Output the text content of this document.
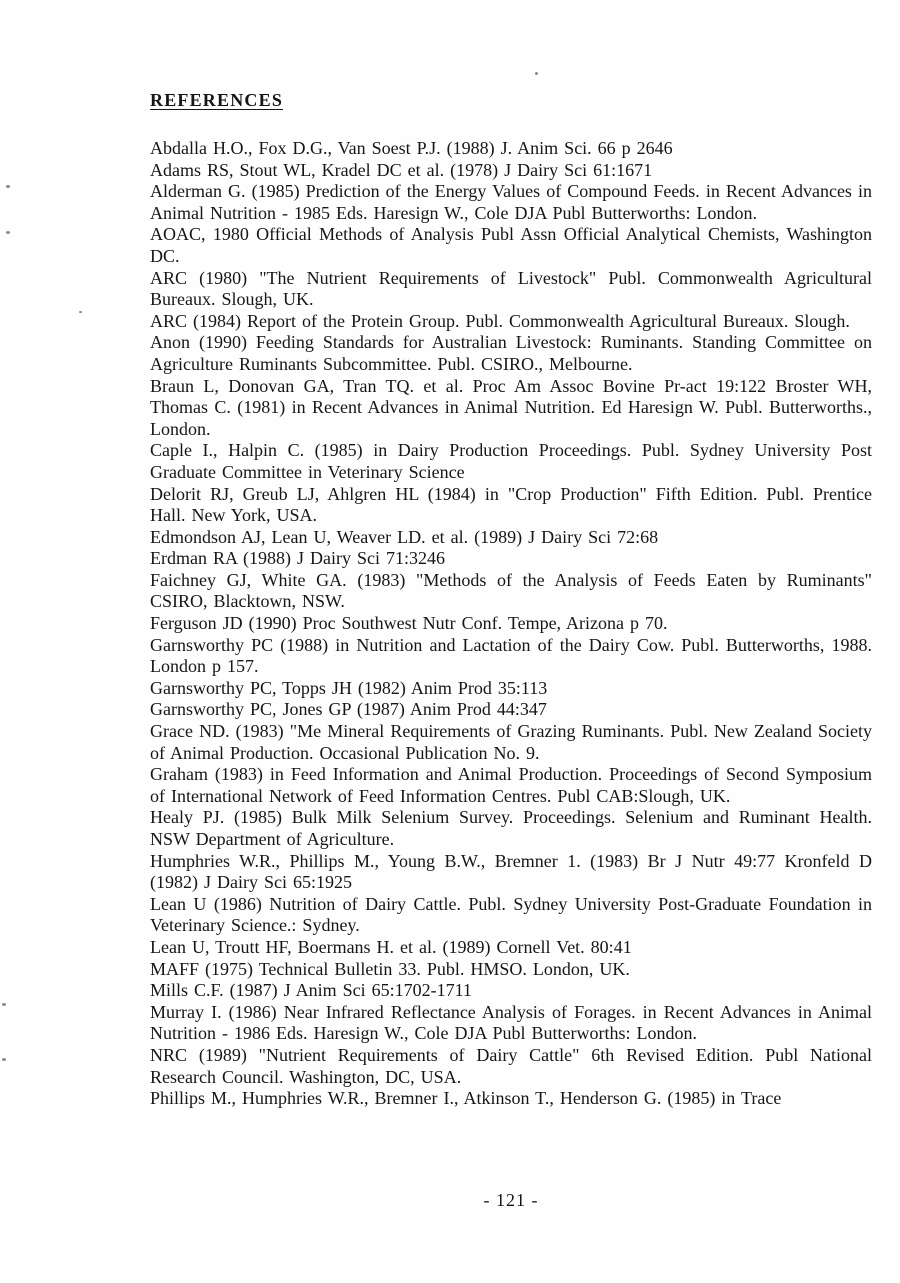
REFERENCES

Abdalla H.O., Fox D.G., Van Soest P.J. (1988) J. Anim Sci. 66 p 2646

Adams RS, Stout WL, Kradel DC et al. (1978) J Dairy Sci 61:1671

Alderman G. (1985) Prediction of the Energy Values of Compound Feeds. in Recent Advances in Animal Nutrition - 1985 Eds. Haresign W., Cole DJA Publ Butterworths: London.

AOAC, 1980 Official Methods of Analysis Publ Assn Official Analytical Chemists, Washington DC.

ARC (1980) "The Nutrient Requirements of Livestock" Publ. Commonwealth Agricultural Bureaux. Slough, UK.

ARC (1984) Report of the Protein Group. Publ. Commonwealth Agricultural Bureaux. Slough.

Anon (1990) Feeding Standards for Australian Livestock: Ruminants. Standing Committee on Agriculture Ruminants Subcommittee. Publ. CSIRO., Melbourne.

Braun L, Donovan GA, Tran TQ. et al. Proc Am Assoc Bovine Pr-act 19:122 Broster WH, Thomas C. (1981) in Recent Advances in Animal Nutrition. Ed Haresign W. Publ. Butterworths., London.

Caple I., Halpin C. (1985) in Dairy Production Proceedings. Publ. Sydney University Post Graduate Committee in Veterinary Science

Delorit RJ, Greub LJ, Ahlgren HL (1984) in "Crop Production" Fifth Edition. Publ. Prentice Hall. New York, USA.

Edmondson AJ, Lean U, Weaver LD. et al. (1989) J Dairy Sci 72:68

Erdman RA (1988) J Dairy Sci 71:3246

Faichney GJ, White GA. (1983) "Methods of the Analysis of Feeds Eaten by Ruminants" CSIRO, Blacktown, NSW.

Ferguson JD (1990) Proc Southwest Nutr Conf. Tempe, Arizona p 70.

Garnsworthy PC (1988) in Nutrition and Lactation of the Dairy Cow. Publ. Butterworths, 1988. London p 157.

Garnsworthy PC, Topps JH (1982) Anim Prod 35:113

Garnsworthy PC, Jones GP (1987) Anim Prod 44:347

Grace ND. (1983) "Me Mineral Requirements of Grazing Ruminants. Publ. New Zealand Society of Animal Production. Occasional Publication No. 9.

Graham (1983) in Feed Information and Animal Production. Proceedings of Second Symposium of International Network of Feed Information Centres. Publ CAB:Slough, UK.

Healy PJ. (1985) Bulk Milk Selenium Survey. Proceedings. Selenium and Ruminant Health. NSW Department of Agriculture.

Humphries W.R., Phillips M., Young B.W., Bremner 1. (1983) Br J Nutr 49:77 Kronfeld D (1982) J Dairy Sci 65:1925

Lean U (1986) Nutrition of Dairy Cattle. Publ. Sydney University Post-Graduate Foundation in Veterinary Science.: Sydney.

Lean U, Troutt HF, Boermans H. et al. (1989) Cornell Vet. 80:41

MAFF (1975) Technical Bulletin 33. Publ. HMSO. London, UK.

Mills C.F. (1987) J Anim Sci 65:1702-1711

Murray I. (1986) Near Infrared Reflectance Analysis of Forages. in Recent Advances in Animal Nutrition - 1986 Eds. Haresign W., Cole DJA Publ Butterworths: London.

NRC (1989) "Nutrient Requirements of Dairy Cattle" 6th Revised Edition. Publ National Research Council. Washington, DC, USA.

Phillips M., Humphries W.R., Bremner I., Atkinson T., Henderson G. (1985) in Trace

- 121 -
